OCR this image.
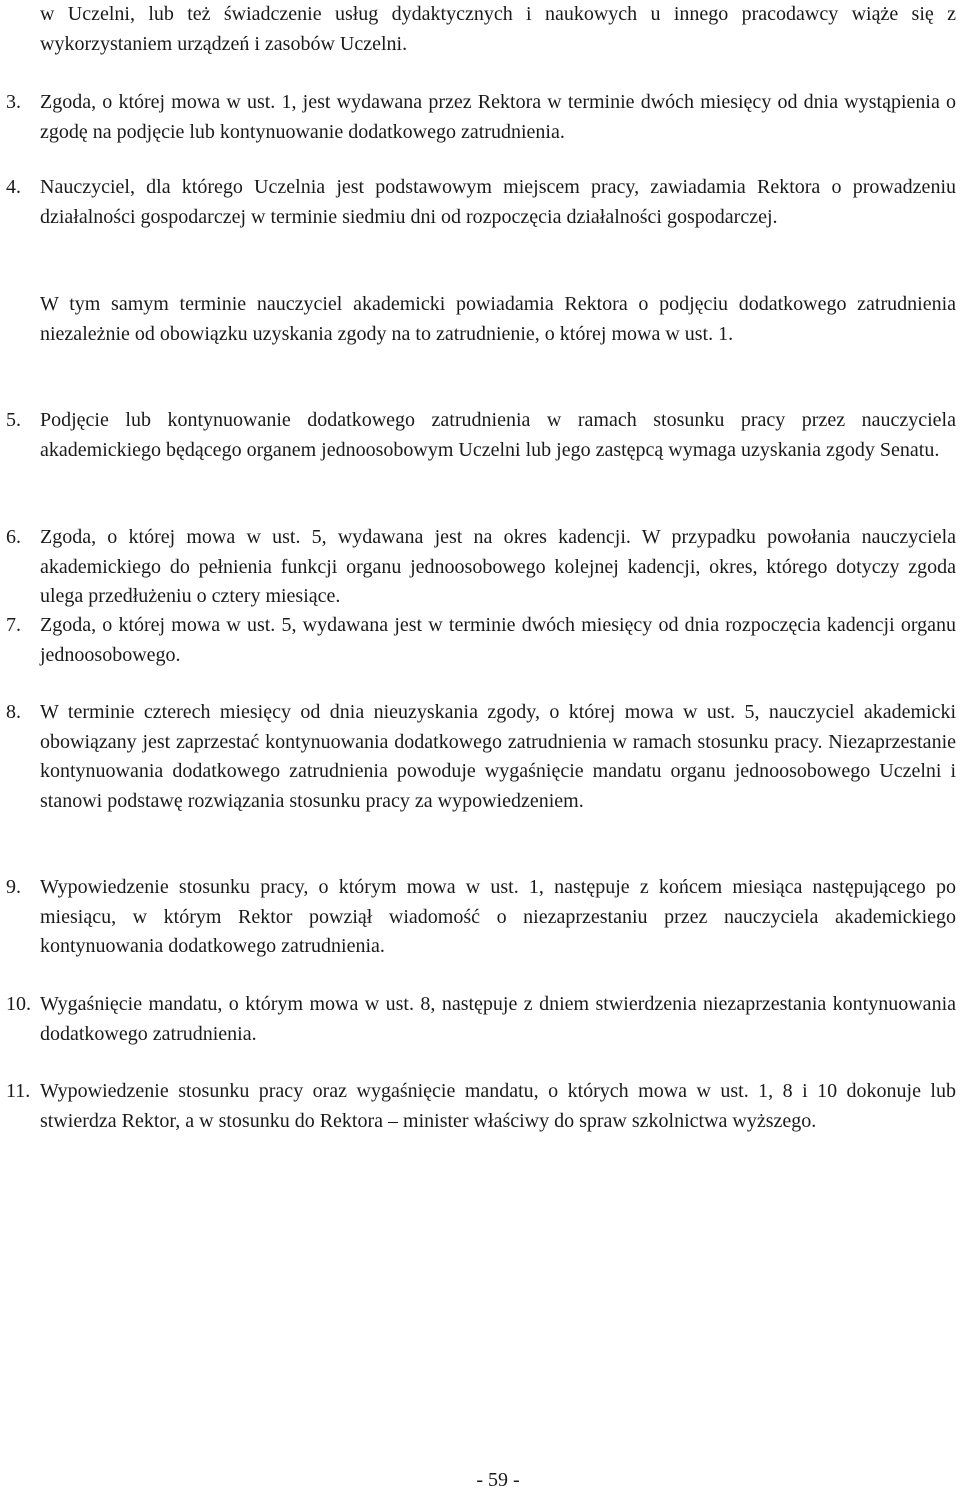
w Uczelni, lub też świadczenie usług dydaktycznych i naukowych u innego pracodawcy wiąże się z wykorzystaniem urządzeń i zasobów Uczelni.
3. Zgoda, o której mowa w ust. 1, jest wydawana przez Rektora w terminie dwóch miesięcy od dnia wystąpienia o zgodę na podjęcie lub kontynuowanie dodatkowego zatrudnienia.
4. Nauczyciel, dla którego Uczelnia jest podstawowym miejscem pracy, zawiadamia Rektora o prowadzeniu działalności gospodarczej w terminie siedmiu dni od rozpoczęcia działalności gospodarczej.
W tym samym terminie nauczyciel akademicki powiadamia Rektora o podjęciu dodatkowego zatrudnienia niezależnie od obowiązku uzyskania zgody na to zatrudnienie, o której mowa w ust. 1.
5. Podjęcie lub kontynuowanie dodatkowego zatrudnienia w ramach stosunku pracy przez nauczyciela akademickiego będącego organem jednoosobowym Uczelni lub jego zastępcą wymaga uzyskania zgody Senatu.
6. Zgoda, o której mowa w ust. 5, wydawana jest na okres kadencji. W przypadku powołania nauczyciela akademickiego do pełnienia funkcji organu jednoosobowego kolejnej kadencji, okres, którego dotyczy zgoda ulega przedłużeniu o cztery miesiące.
7. Zgoda, o której mowa w ust. 5, wydawana jest w terminie dwóch miesięcy od dnia rozpoczęcia kadencji organu jednoosobowego.
8. W terminie czterech miesięcy od dnia nieuzyskania zgody, o której mowa w ust. 5, nauczyciel akademicki obowiązany jest zaprzestać kontynuowania dodatkowego zatrudnienia w ramach stosunku pracy. Niezaprzestanie kontynuowania dodatkowego zatrudnienia powoduje wygaśnięcie mandatu organu jednoosobowego Uczelni i stanowi podstawę rozwiązania stosunku pracy za wypowiedzeniem.
9. Wypowiedzenie stosunku pracy, o którym mowa w ust. 1, następuje z końcem miesiąca następującego po miesiącu, w którym Rektor powziął wiadomość o niezaprzestaniu przez nauczyciela akademickiego kontynuowania dodatkowego zatrudnienia.
10. Wygaśnięcie mandatu, o którym mowa w ust. 8, następuje z dniem stwierdzenia niezaprzestania kontynuowania dodatkowego zatrudnienia.
11. Wypowiedzenie stosunku pracy oraz wygaśnięcie mandatu, o których mowa w ust. 1, 8 i 10 dokonuje lub stwierdza Rektor, a w stosunku do Rektora – minister właściwy do spraw szkolnictwa wyższego.
- 59 -
